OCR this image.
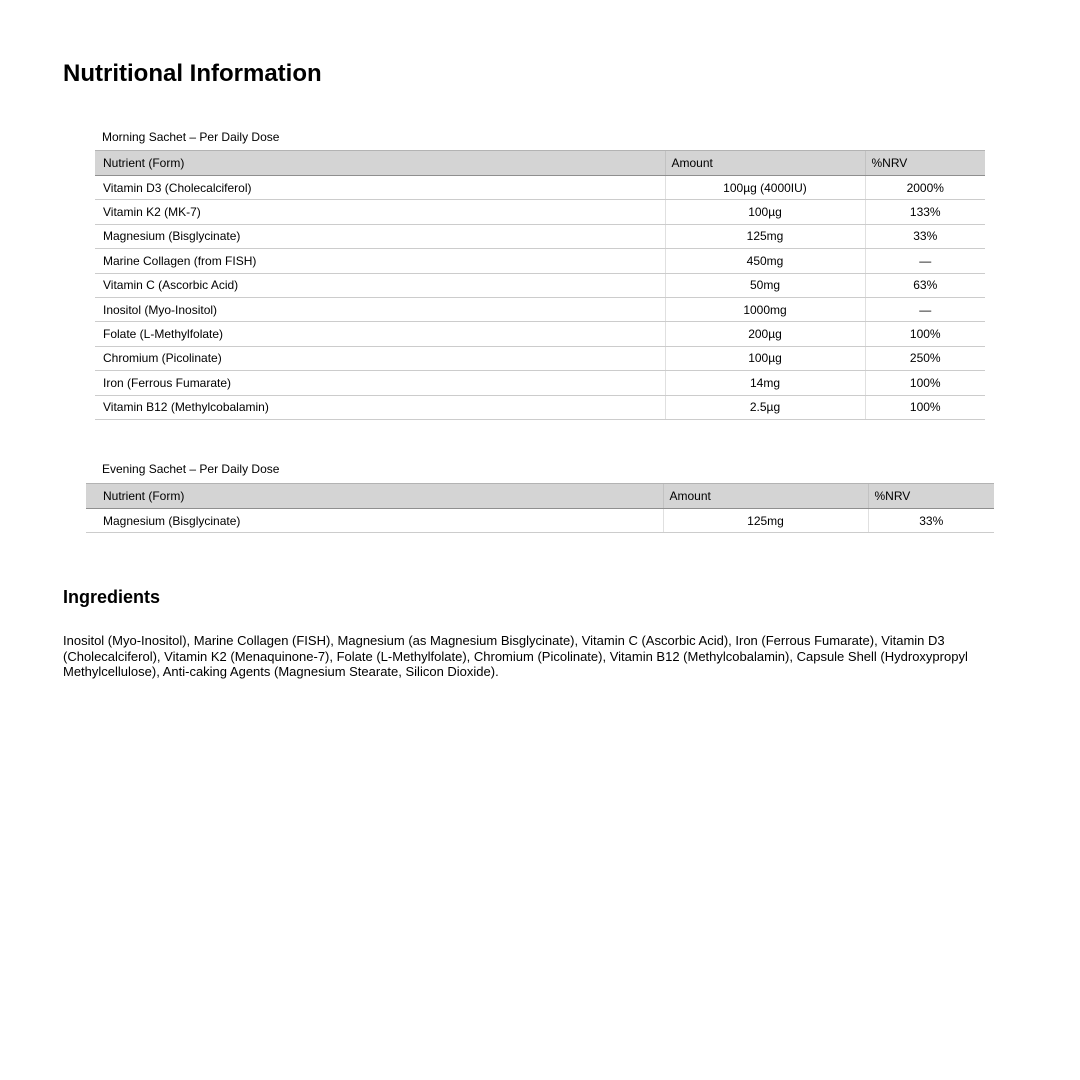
Nutritional Information

Morning Sachet – Per Daily Dose

Nutrient (Form)	Amount	%NRV
Vitamin D3 (Cholecalciferol)	100µg (4000IU)	2000%
Vitamin K2 (MK-7)	100µg	133%
Magnesium (Bisglycinate)	125mg	33%
Marine Collagen (from FISH)	450mg	—
Vitamin C (Ascorbic Acid)	50mg	63%
Inositol (Myo-Inositol)	1000mg	—
Folate (L-Methylfolate)	200µg	100%
Chromium (Picolinate)	100µg	250%
Iron (Ferrous Fumarate)	14mg	100%
Vitamin B12 (Methylcobalamin)	2.5µg	100%

Evening Sachet – Per Daily Dose

Nutrient (Form)	Amount	%NRV
Magnesium (Bisglycinate)	125mg	33%
Ingredients

Inositol (Myo-Inositol), Marine Collagen (FISH), Magnesium (as Magnesium Bisglycinate), Vitamin C (Ascorbic Acid), Iron (Ferrous Fumarate), Vitamin D3
(Cholecalciferol), Vitamin K2 (Menaquinone-7), Folate (L-Methylfolate), Chromium (Picolinate), Vitamin B12 (Methylcobalamin), Capsule Shell (Hydroxypropyl
Methylcellulose), Anti-caking Agents (Magnesium Stearate, Silicon Dioxide).
